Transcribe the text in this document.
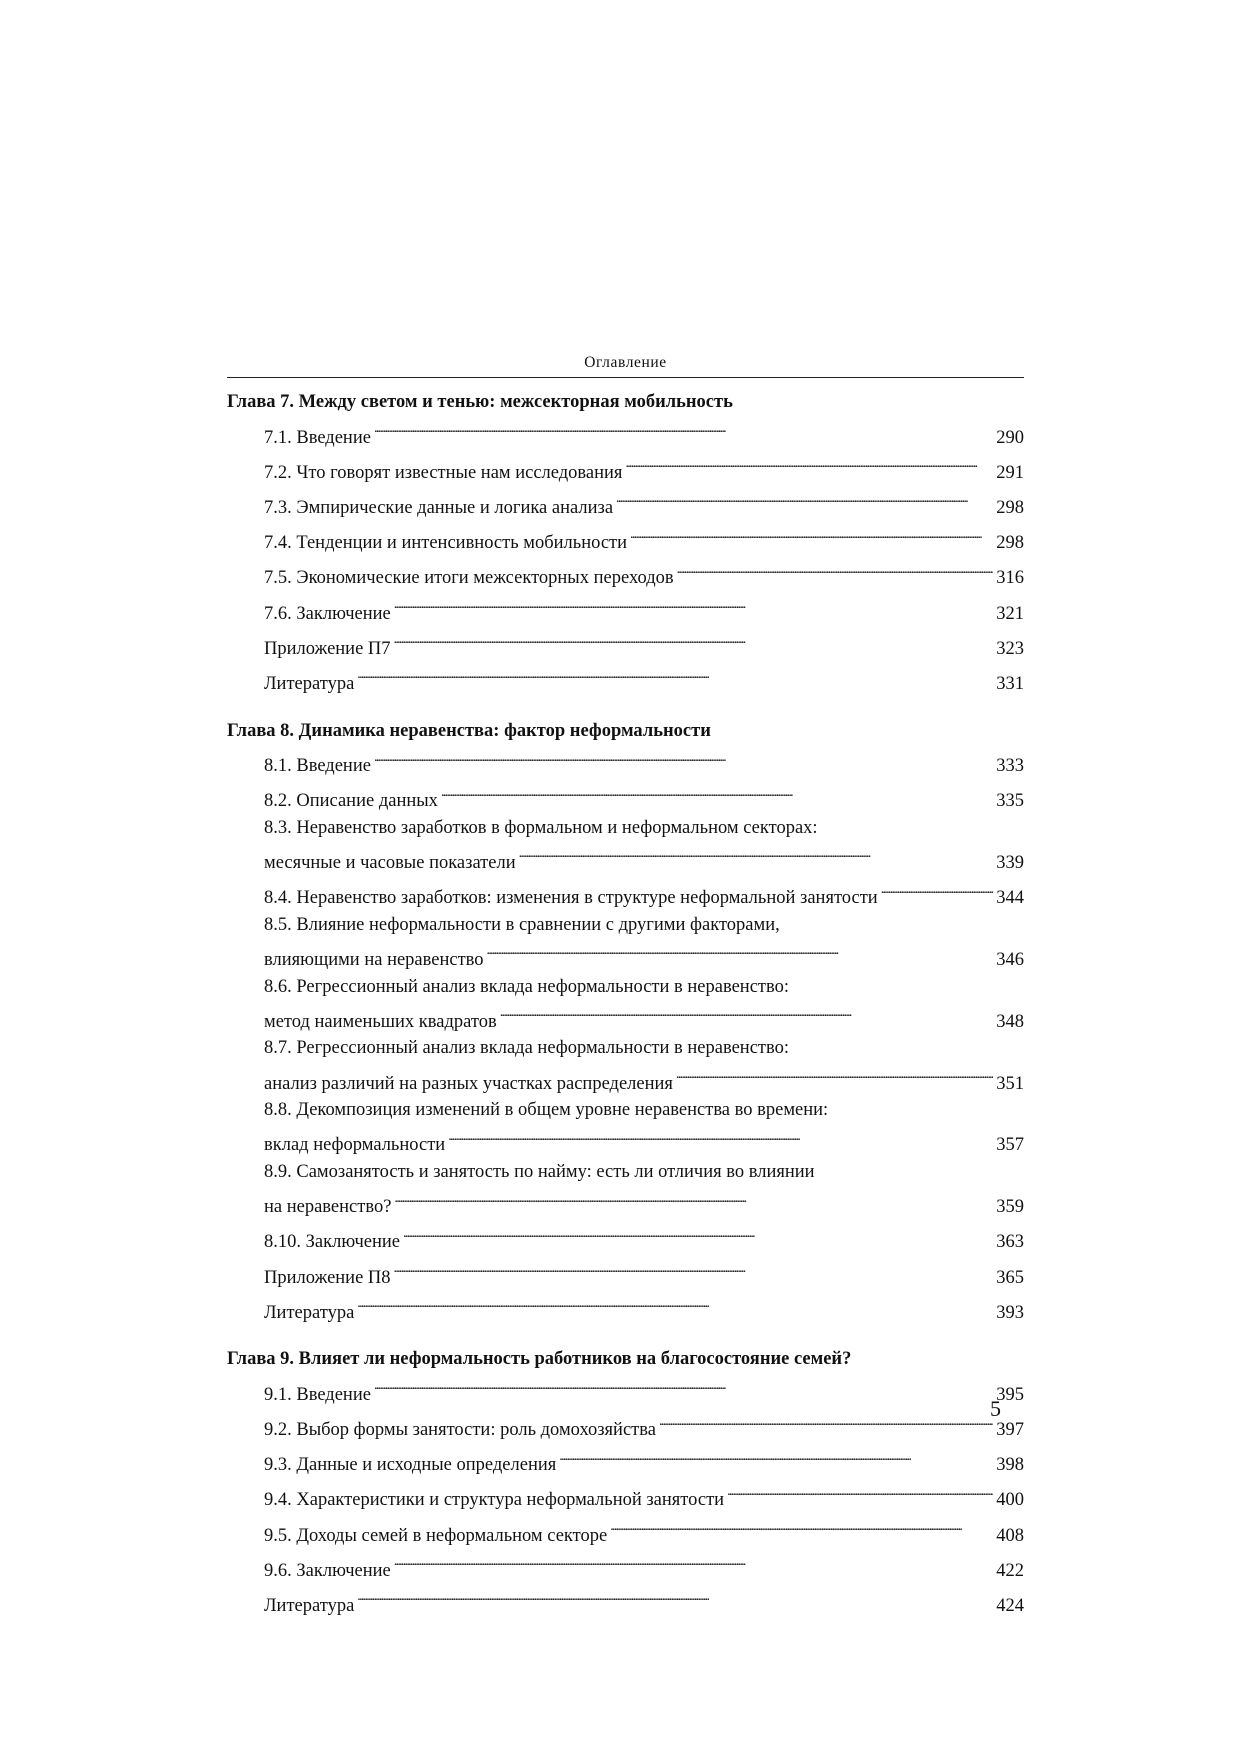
Оглавление
Глава 7. Между светом и тенью: межсекторная мобильность
7.1. Введение . . .	290
7.2. Что говорят известные нам исследования . . .	291
7.3. Эмпирические данные и логика анализа . . .	298
7.4. Тенденции и интенсивность мобильности . . .	298
7.5. Экономические итоги межсекторных переходов . . .	316
7.6. Заключение . . .	321
Приложение П7 . . .	323
Литература . . .	331
Глава 8. Динамика неравенства: фактор неформальности
8.1. Введение . . .	333
8.2. Описание данных . . .	335
8.3. Неравенство заработков в формальном и неформальном секторах:
месячные и часовые показатели . . .	339
8.4. Неравенство заработков: изменения в структуре неформальной занятости . . .	344
8.5. Влияние неформальности в сравнении с другими факторами,
влияющими на неравенство . . .	346
8.6. Регрессионный анализ вклада неформальности в неравенство:
метод наименьших квадратов . . .	348
8.7. Регрессионный анализ вклада неформальности в неравенство:
анализ различий на разных участках распределения . . .	351
8.8. Декомпозиция изменений в общем уровне неравенства во времени:
вклад неформальности . . .	357
8.9. Самозанятость и занятость по найму: есть ли отличия во влиянии
на неравенство? . . .	359
8.10. Заключение . . .	363
Приложение П8 . . .	365
Литература . . .	393
Глава 9. Влияет ли неформальность работников на благосостояние семей?
9.1. Введение . . .	395
9.2. Выбор формы занятости: роль домохозяйства . . .	397
9.3. Данные и исходные определения . . .	398
9.4. Характеристики и структура неформальной занятости . . .	400
9.5. Доходы семей в неформальном секторе . . .	408
9.6. Заключение . . .	422
Литература . . .	424
5
